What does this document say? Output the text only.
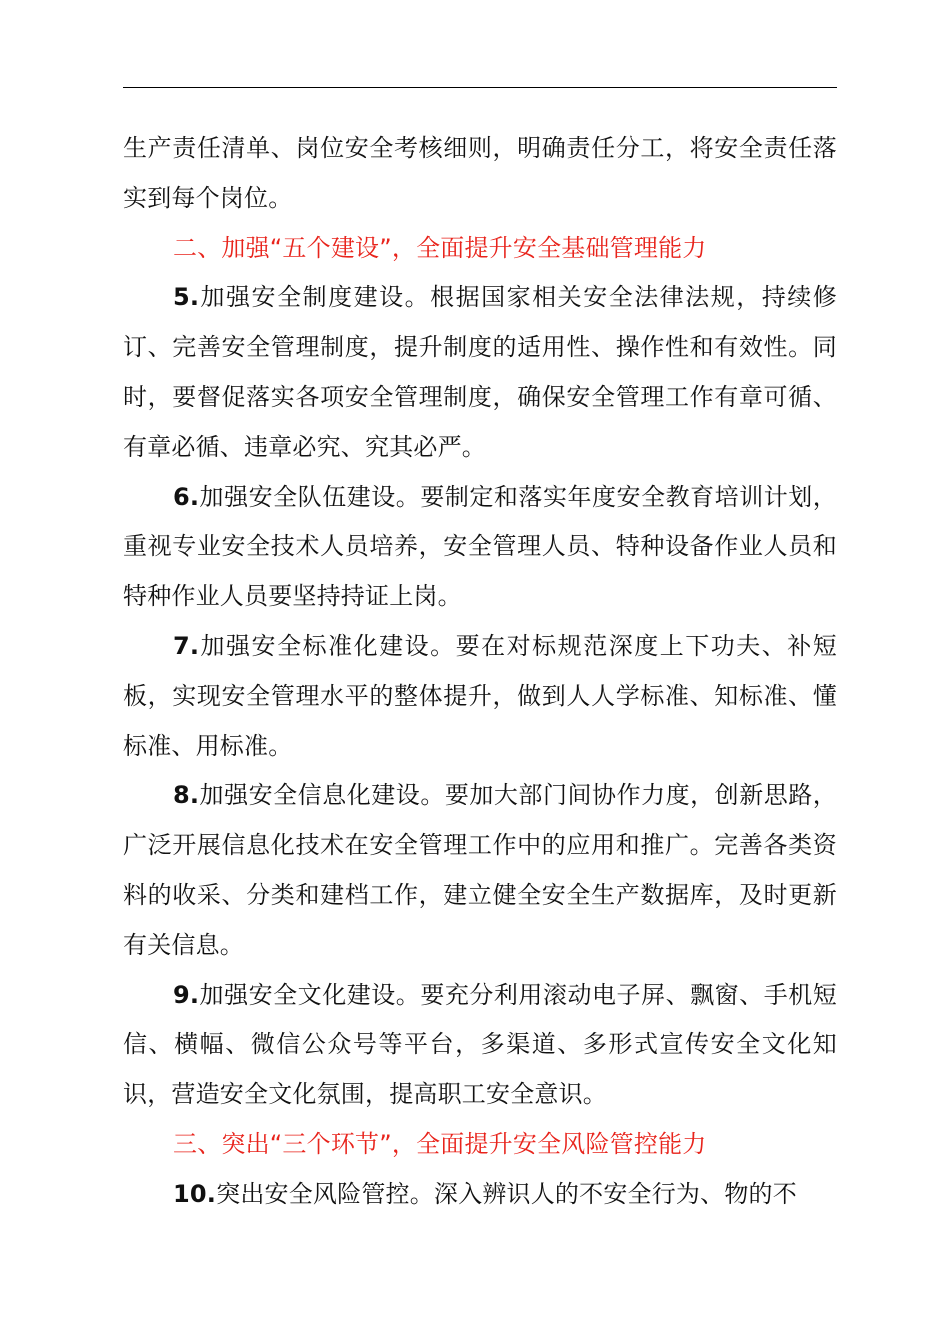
生产责任清单、岗位安全考核细则，明确责任分工，将安全责任落实到每个岗位。

二、加强“五个建设”，全面提升安全基础管理能力

5.加强安全制度建设。根据国家相关安全法律法规，持续修订、完善安全管理制度，提升制度的适用性、操作性和有效性。同时，要督促落实各项安全管理制度，确保安全管理工作有章可循、有章必循、违章必究、究其必严。

6.加强安全队伍建设。要制定和落实年度安全教育培训计划，重视专业安全技术人员培养，安全管理人员、特种设备作业人员和特种作业人员要坚持持证上岗。

7.加强安全标准化建设。要在对标规范深度上下功夫、补短板，实现安全管理水平的整体提升，做到人人学标准、知标准、懂标准、用标准。

8.加强安全信息化建设。要加大部门间协作力度，创新思路，广泛开展信息化技术在安全管理工作中的应用和推广。完善各类资料的收采、分类和建档工作，建立健全安全生产数据库，及时更新有关信息。

9.加强安全文化建设。要充分利用滚动电子屏、飘窗、手机短信、横幅、微信公众号等平台，多渠道、多形式宣传安全文化知识，营造安全文化氛围，提高职工安全意识。

三、突出“三个环节”，全面提升安全风险管控能力

10.突出安全风险管控。深入辨识人的不安全行为、物的不
